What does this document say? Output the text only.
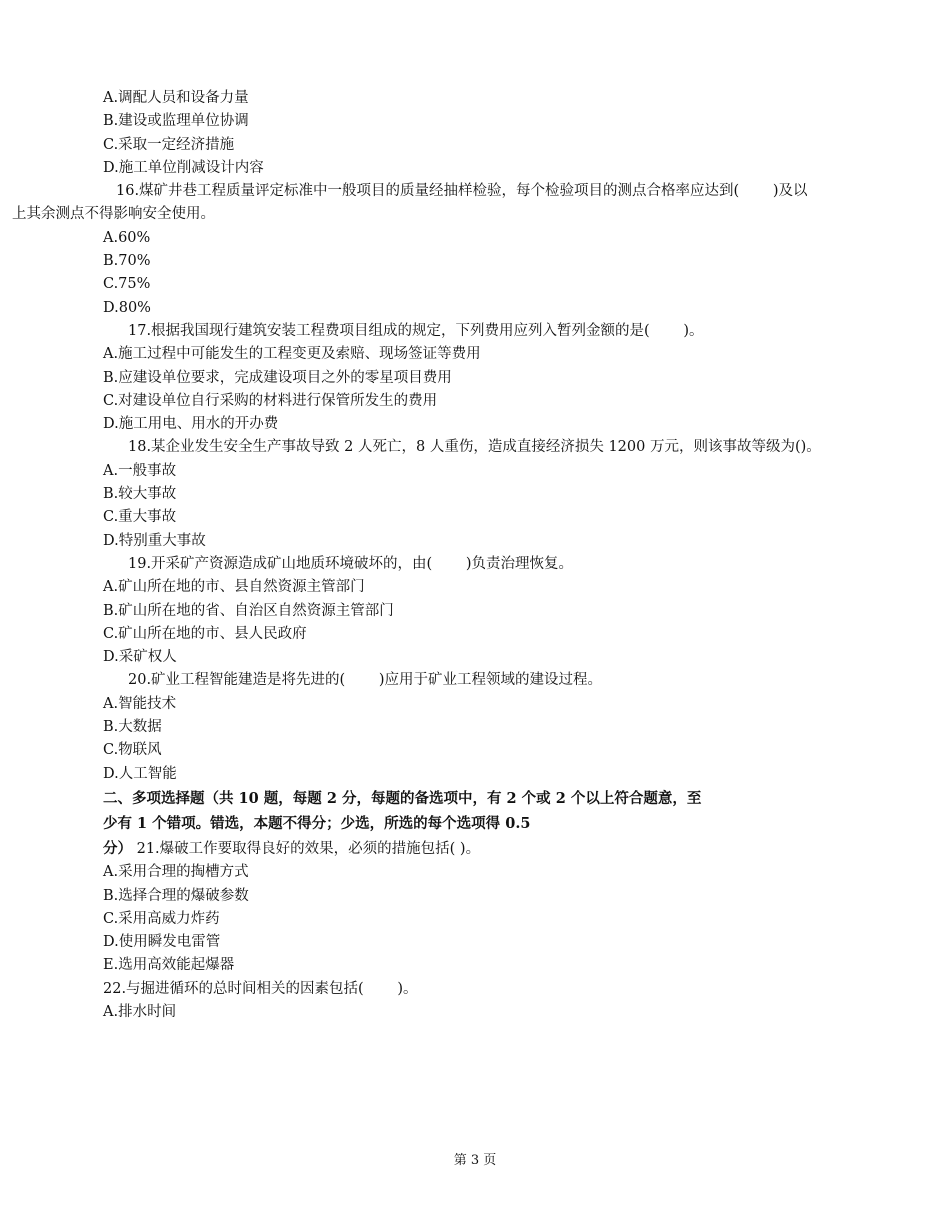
A.调配人员和设备力量
B.建设或监理单位协调
C.采取一定经济措施
D.施工单位削减设计内容
16.煤矿井巷工程质量评定标准中一般项目的质量经抽样检验，每个检验项目的测点合格率应达到(　　 )及以
上其余测点不得影响安全使用。
A.60%
B.70%
C.75%
D.80%
17.根据我国现行建筑安装工程费项目组成的规定，下列费用应列入暂列金额的是(　　 )。
A.施工过程中可能发生的工程变更及索赔、现场签证等费用
B.应建设单位要求，完成建设项目之外的零星项目费用
C.对建设单位自行采购的材料进行保管所发生的费用
D.施工用电、用水的开办费
18.某企业发生安全生产事故导致 2 人死亡，8 人重伤，造成直接经济损失 1200 万元，则该事故等级为()。
A.一般事故
B.较大事故
C.重大事故
D.特别重大事故
19.开采矿产资源造成矿山地质环境破坏的，由(　　 )负责治理恢复。
A.矿山所在地的市、县自然资源主管部门
B.矿山所在地的省、自治区自然资源主管部门
C.矿山所在地的市、县人民政府
D.采矿权人
20.矿业工程智能建造是将先进的(　　 )应用于矿业工程领域的建设过程。
A.智能技术
B.大数据
C.物联风
D.人工智能
二、多项选择题（共 10 题，每题 2 分，每题的备选项中，有 2 个或 2 个以上符合题意，至
少有 1 个错项。错选，本题不得分；少选，所选的每个选项得 0.5
分） 21.爆破工作要取得良好的效果，必须的措施包括( )。
A.采用合理的掏槽方式
B.选择合理的爆破参数
C.采用高威力炸药
D.使用瞬发电雷管
E.选用高效能起爆器
22.与掘进循环的总时间相关的因素包括(　　 )。
A.排水时间
第 3 页
